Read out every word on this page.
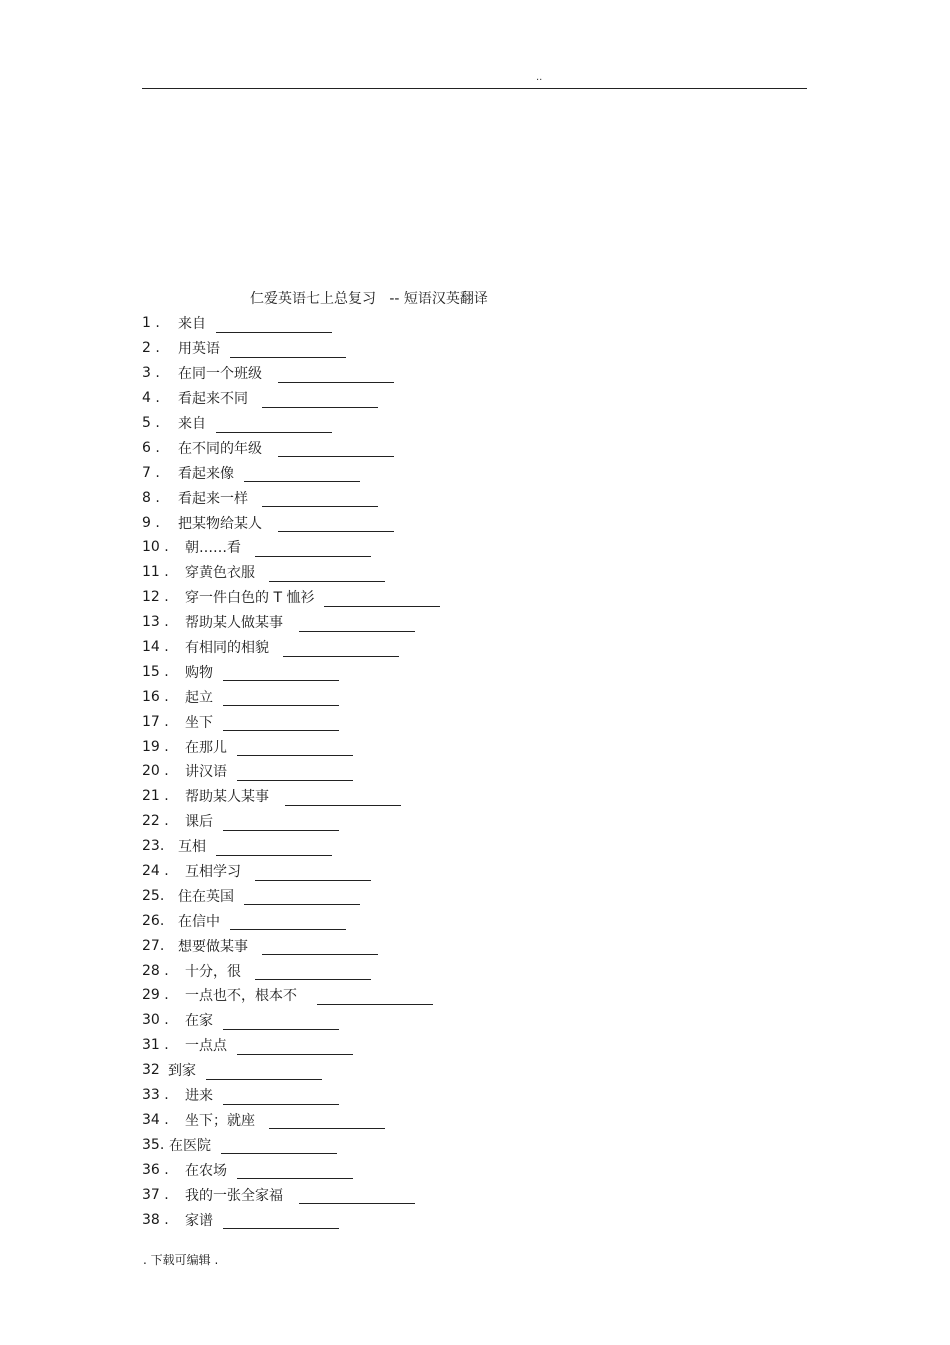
..
仁爱英语七上总复习   -- 短语汉英翻译
1 .	来自
2 .	用英语
3 .	在同一个班级
4 .	看起来不同
5 .	来自
6 .	在不同的年级
7 .	看起来像
8 .	看起来一样
9 .	把某物给某人
10 .	朝……看
11 .	穿黄色衣服
12 .	穿一件白色的 T 恤衫
13 .	帮助某人做某事
14 .	有相同的相貌
15 .	购物
16 .	起立
17 .	坐下
19 .	在那儿
20 .	讲汉语
21 .	帮助某人某事
22 .	课后
23. 互相
24 .	互相学习
25. 住在英国
26. 在信中
27. 想要做某事
28 .	十分，很
29 .	一点也不，根本不
30 .	在家
31 .	一点点
32 到家
33 .	进来
34 .	坐下；就座
35. 在医院
36 .	在农场
37 .	我的一张全家福
38 .	家谱
. 下载可编辑 .
